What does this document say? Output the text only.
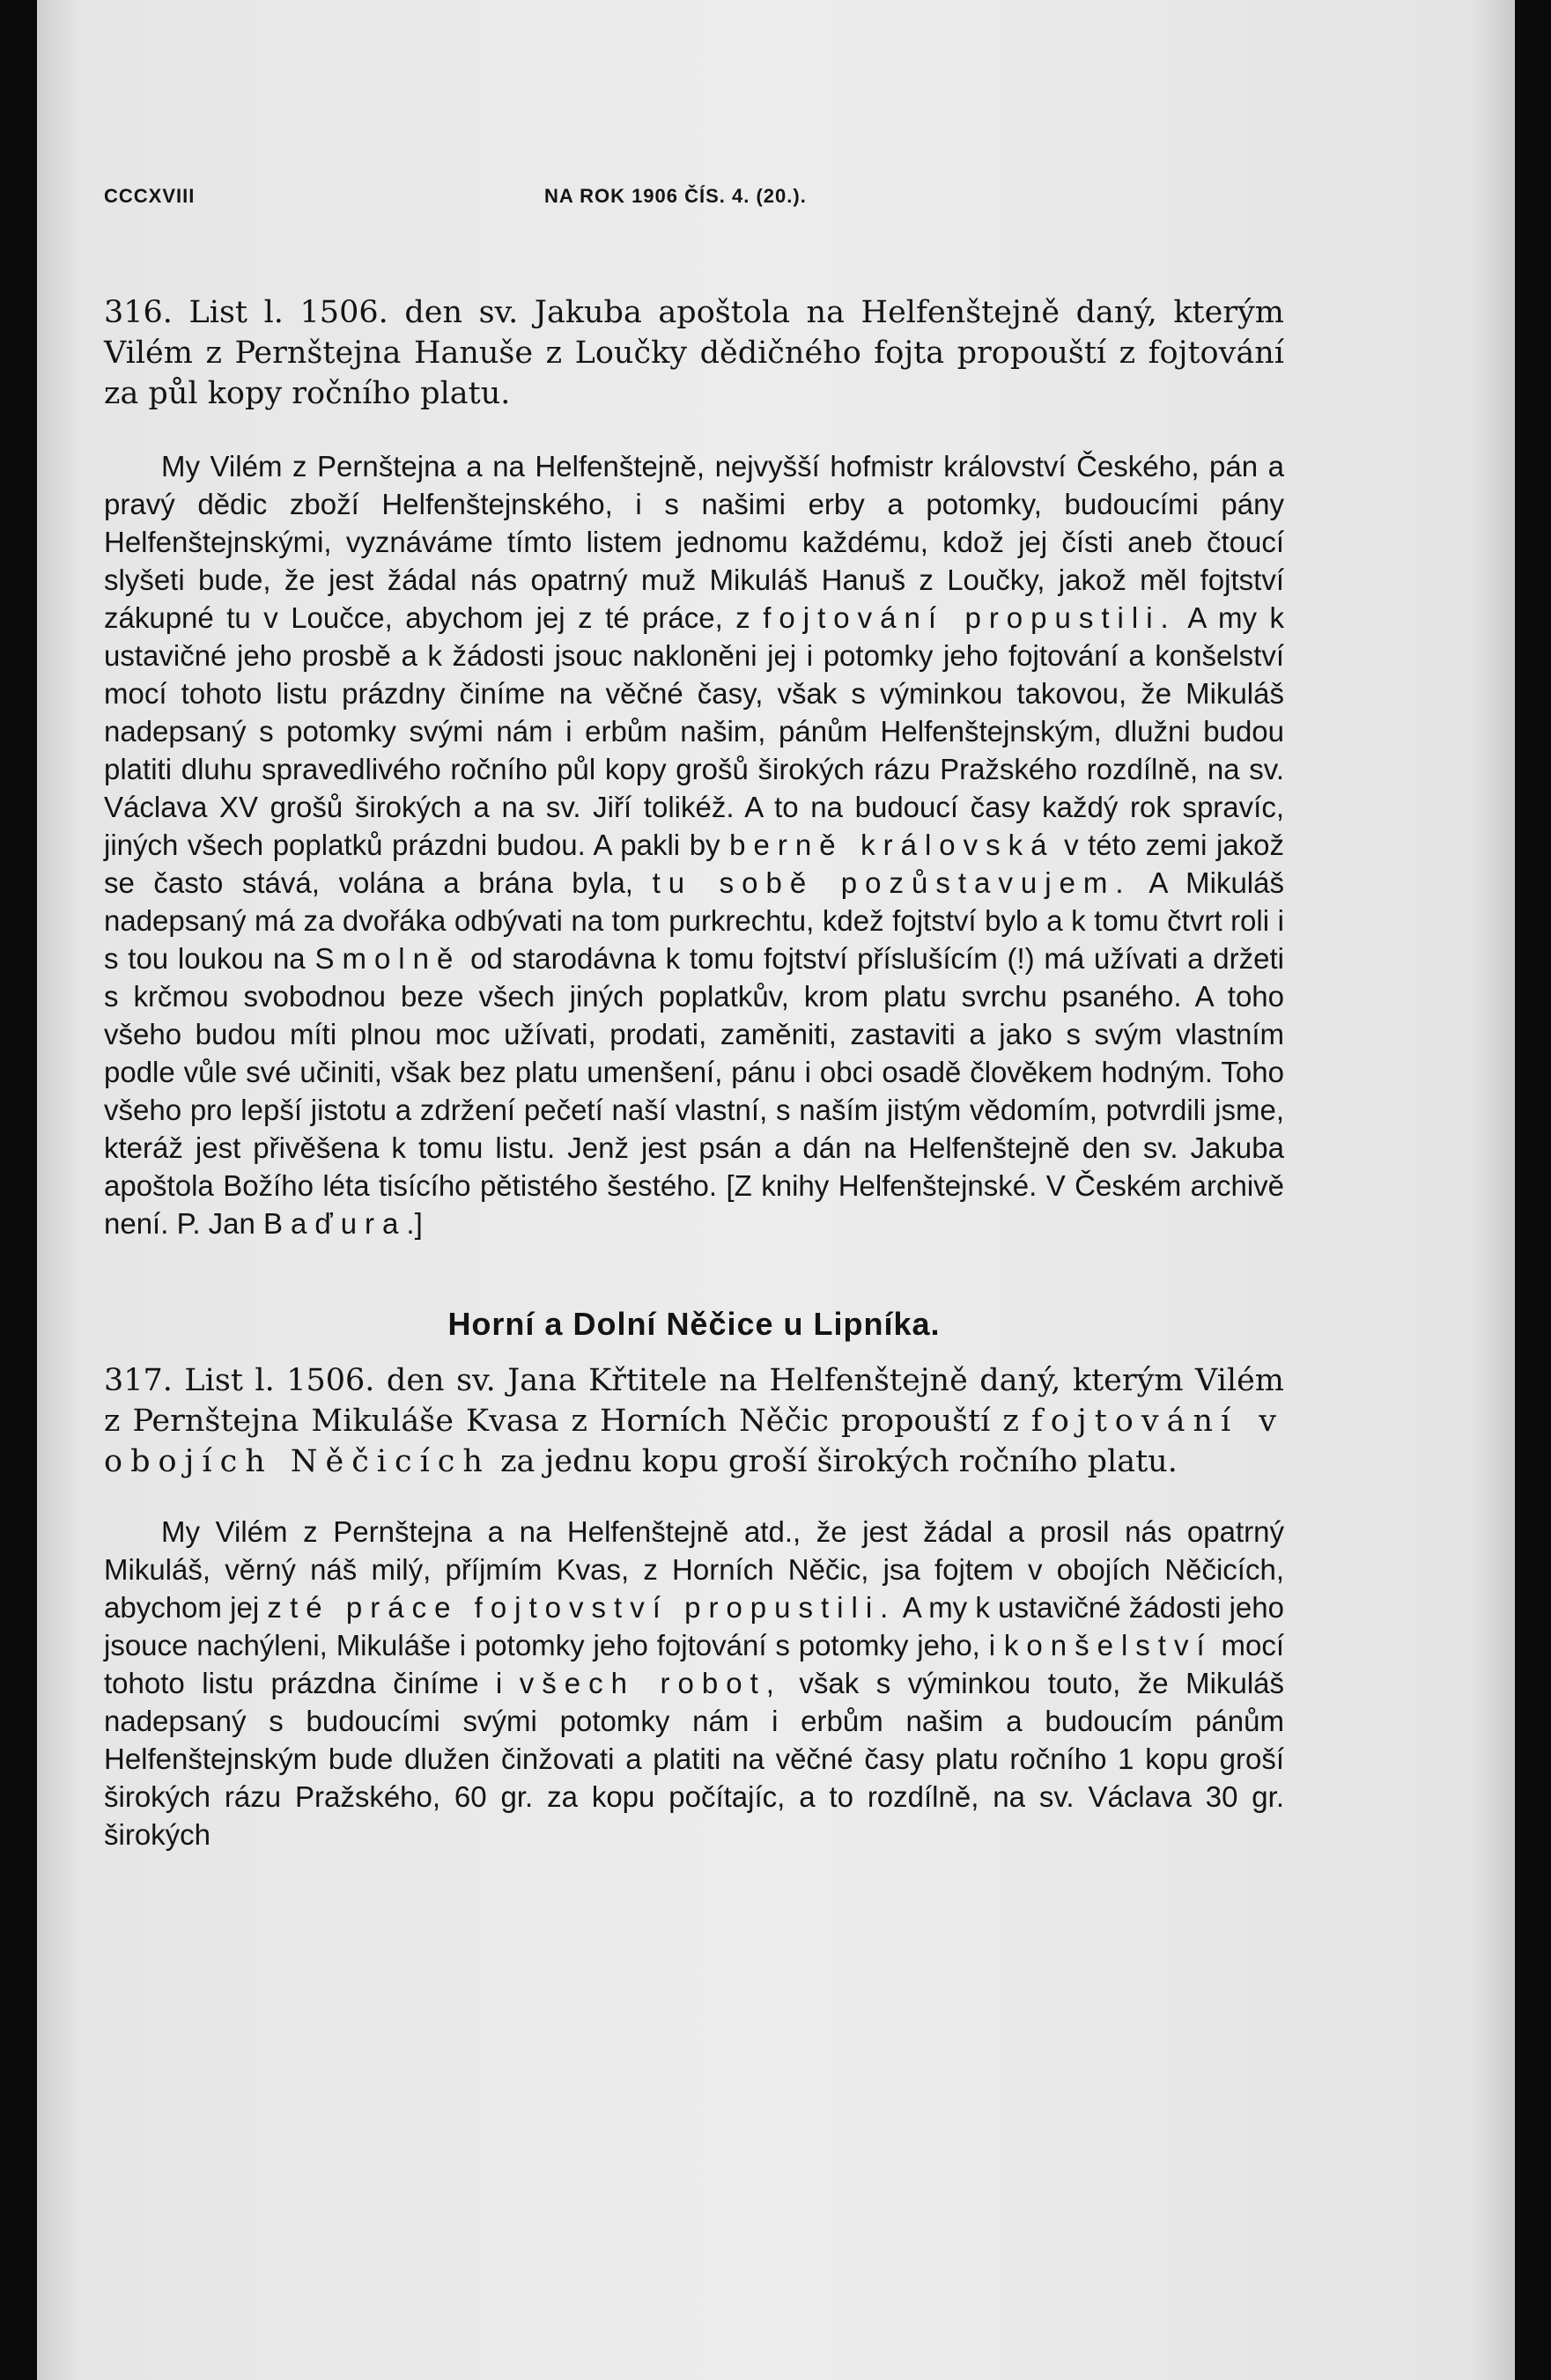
CCCXVIII	NA ROK 1906 ČÍS. 4. (20.).

316. List l. 1506. den sv. Jakuba apoštola na Helfenštejně daný, kterým Vilém z Pernštejna Hanuše z Loučky dědičného fojta propouští z fojtování za půl kopy ročního platu.

My Vilém z Pernštejna a na Helfenštejně, nejvyšší hofmistr království Českého, pán a pravý dědic zboží Helfenštejnského, i s našimi erby a potomky, budoucími pány Helfenštejnskými, vyznáváme tímto listem jednomu každému, kdož jej čísti aneb čtoucí slyšeti bude, že jest žádal nás opatrný muž Mikuláš Hanuš z Loučky, jakož měl fojtství zákupné tu v Loučce, abychom jej z té práce, z fojtování propustili. A my k ustavičné jeho prosbě a k žádosti jsouc nakloněni jej i potomky jeho fojtování a konšelství mocí tohoto listu prázdny činíme na věčné časy, však s výminkou takovou, že Mikuláš nadepsaný s potomky svými nám i erbům našim, pánům Helfenštejnským, dlužni budou platiti dluhu spravedlivého ročního půl kopy grošů širokých rázu Pražského rozdílně, na sv. Václava XV grošů širokých a na sv. Jiří tolikéž. A to na budoucí časy každý rok spravíc, jiných všech poplatků prázdni budou. A pakli by berně královská v této zemi jakož se často stává, volána a brána byla, tu sobě pozůstavujem. A Mikuláš nadepsaný má za dvořáka odbývati na tom purkrechtu, kdež fojtství bylo a k tomu čtvrt roli i s tou loukou na Smolně od starodávna k tomu fojtství příslušícím (!) má užívati a držeti s krčmou svobodnou beze všech jiných poplatkův, krom platu svrchu psaného. A toho všeho budou míti plnou moc užívati, prodati, zaměniti, zastaviti a jako s svým vlastním podle vůle své učiniti, však bez platu umenšení, pánu i obci osadě člověkem hodným. Toho všeho pro lepší jistotu a zdržení pečetí naší vlastní, s naším jistým vědomím, potvrdili jsme, kteráž jest přivěšena k tomu listu. Jenž jest psán a dán na Helfenštejně den sv. Jakuba apoštola Božího léta tisícího pětistého šestého. [Z knihy Helfenštejnské. V Českém archivě není. P. Jan Baďura.]

Horní a Dolní Něčice u Lipníka.

317. List l. 1506. den sv. Jana Křtitele na Helfenštejně daný, kterým Vilém z Pernštejna Mikuláše Kvasa z Horních Něčic propouští z fojtování v obojích Něčicích za jednu kopu groší širokých ročního platu.

My Vilém z Pernštejna a na Helfenštejně atd., že jest žádal a prosil nás opatrný Mikuláš, věrný náš milý, příjmím Kvas, z Horních Něčic, jsa fojtem v obojích Něčicích, abychom jej z té práce fojtovství propustili. A my k ustavičné žádosti jeho jsouce nachýleni, Mikuláše i potomky jeho fojtování s potomky jeho, i konšelství mocí tohoto listu prázdna činíme i všech robot, však s výminkou touto, že Mikuláš nadepsaný s budoucími svými potomky nám i erbům našim a budoucím pánům Helfenštejnským bude dlužen činžovati a platiti na věčné časy platu ročního 1 kopu groší širokých rázu Pražského, 60 gr. za kopu počítajíc, a to rozdílně, na sv. Václava 30 gr. širokých
